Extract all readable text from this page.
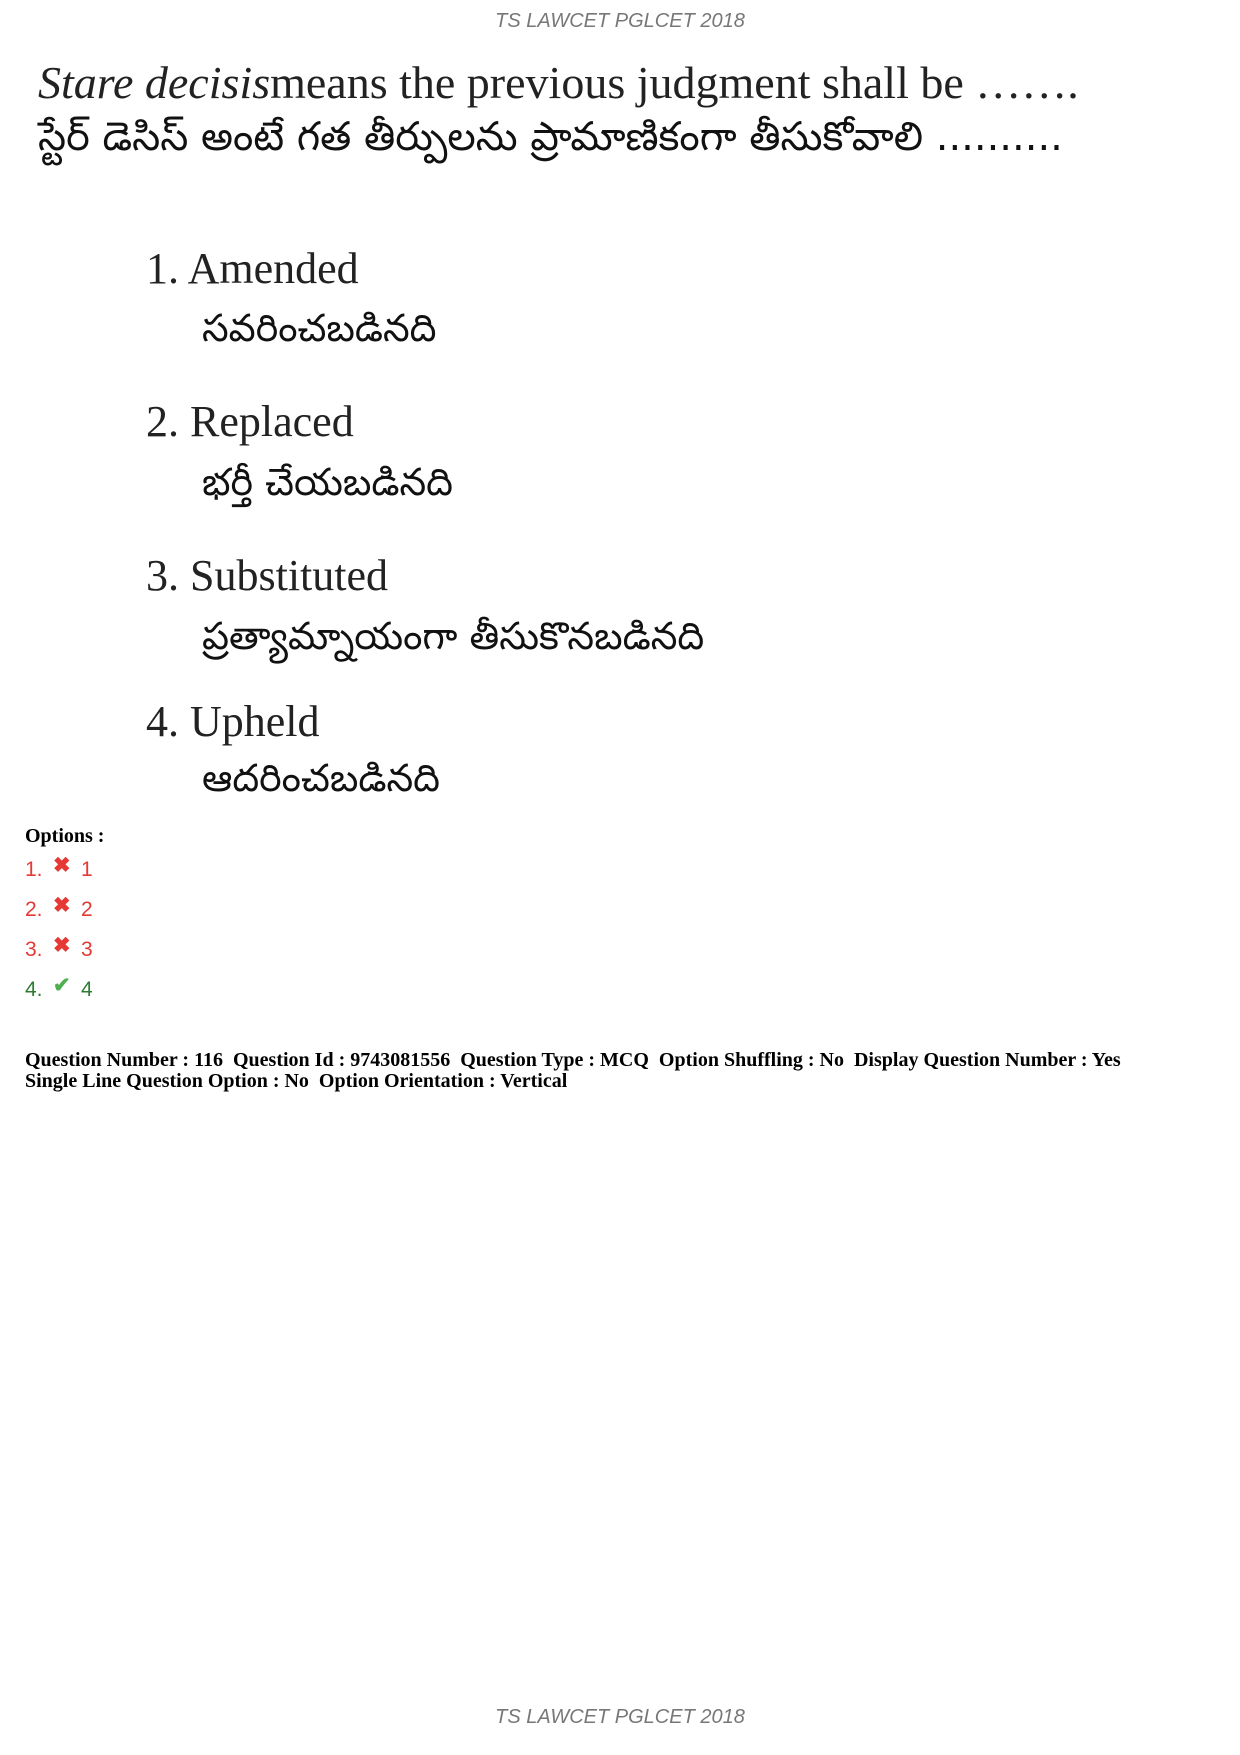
TS LAWCET PGLCET 2018
Stare decisismeans the previous judgment shall be …….
స్టేర్ డెసిస్ అంటే గత తీర్పులను ప్రామాణికంగా తీసుకోవాలి ..........
1. Amended
సవరించబడినది
2. Replaced
భర్తీ చేయబడినది
3. Substituted
ప్రత్యామ్నాయంగా తీసుకొనబడినది
4. Upheld
ఆదరించబడినది
Options :
1. ✖ 1
2. ✖ 2
3. ✖ 3
4. ✔ 4
Question Number : 116  Question Id : 9743081556  Question Type : MCQ  Option Shuffling : No  Display Question Number : Yes
Single Line Question Option : No  Option Orientation : Vertical
TS LAWCET PGLCET 2018
